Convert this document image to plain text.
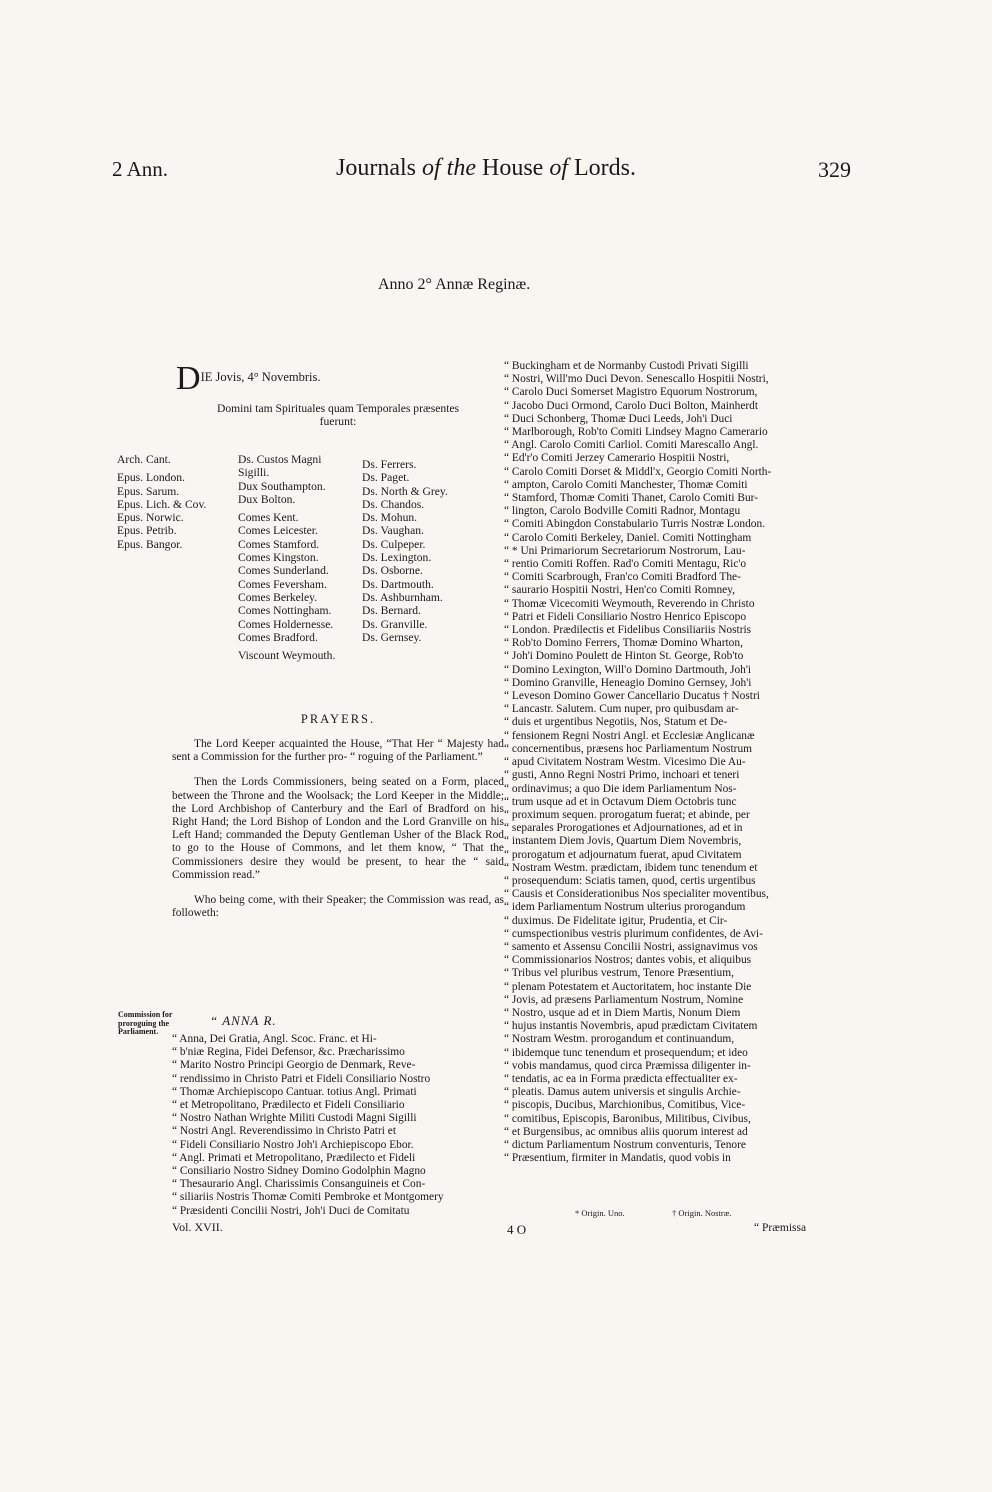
2 Ann.	Journals of the House of Lords.	329
Anno 2° Annæ Reginæ.
$D_{IE Jovis, 4^\circ Novembris.}$
Domini tam Spirituales quam Temporales præsentes
fuerunt:
Arch. Cant.

Epus. London.
Epus. Sarum.
Epus. Lich. & Cov.
Epus. Norwic.
Epus. Petrib.
Epus. Bangor.
Ds. Custos Magni
Sigilli.
Dux Southampton.
Dux Bolton.

Comes Kent.
Comes Leicester.
Comes Stamford.
Comes Kingston.
Comes Sunderland.
Comes Feversham.
Comes Berkeley.
Comes Nottingham.
Comes Holdernesse.
Comes Bradford.

Viscount Weymouth.

Ds. Ferrers.
Ds. Paget.
Ds. North & Grey.
Ds. Chandos.
Ds. Mohun.
Ds. Vaughan.
Ds. Culpeper.
Ds. Lexington.
Ds. Osborne.
Ds. Dartmouth.
Ds. Ashburnham.
Ds. Bernard.
Ds. Granville.
Ds. Gernsey.
PRAYERS.

The Lord Keeper acquainted the House, “That Her “ Majesty had sent a Commission for the further pro- “ roguing of the Parliament.”

Then the Lords Commissioners, being seated on a Form, placed between the Throne and the Woolsack; the Lord Keeper in the Middle; the Lord Archbishop of Canterbury and the Earl of Bradford on his Right Hand; the Lord Bishop of London and the Lord Granville on his Left Hand; commanded the Deputy Gentleman Usher of the Black Rod to go to the House of Commons, and let them know, “ That the Commissioners desire they would be present, to hear the “ said Commission read.”

Who being come, with their Speaker; the Commission was read, as followeth:

Commission for proroguing the Parliament.
“ ANNA R.
“ Anna, Dei Gratia, Angl. Scoc. Franc. et Hi-
“ b'niæ Regina, Fidei Defensor, &c. Præcharissimo
“ Marito Nostro Principi Georgio de Denmark, Reve-
“ rendissimo in Christo Patri et Fideli Consiliario Nostro
“ Thomæ Archiepiscopo Cantuar. totius Angl. Primati
“ et Metropolitano, Prædilecto et Fideli Consiliario
“ Nostro Nathan Wrighte Militi Custodi Magni Sigilli
“ Nostri Angl. Reverendissimo in Christo Patri et
“ Fideli Consiliario Nostro Joh'i Archiepiscopo Ebor.
“ Angl. Primati et Metropolitano, Prædilecto et Fideli
“ Consiliario Nostro Sidney Domino Godolphin Magno
“ Thesaurario Angl. Charissimis Consanguineis et Con-
“ siliariis Nostris Thomæ Comiti Pembroke et Montgomery
“ Præsidenti Concilii Nostri, Joh'i Duci de Comitatu
Vol. XVII.
“ Buckingham et de Normanby Custodi Privati Sigilli
“ Nostri, Will'mo Duci Devon. Senescallo Hospitii Nostri,
“ Carolo Duci Somerset Magistro Equorum Nostrorum,
“ Jacobo Duci Ormond, Carolo Duci Bolton, Mainherdt
“ Duci Schonberg, Thomæ Duci Leeds, Joh'i Duci
“ Marlborough, Rob'to Comiti Lindsey Magno Camerario
“ Angl. Carolo Comiti Carliol. Comiti Marescallo Angl.
“ Ed'r'o Comiti Jerzey Camerario Hospitii Nostri,
“ Carolo Comiti Dorset & Middl'x, Georgio Comiti North-
“ ampton, Carolo Comiti Manchester, Thomæ Comiti
“ Stamford, Thomæ Comiti Thanet, Carolo Comiti Bur-
“ lington, Carolo Bodville Comiti Radnor, Montagu
“ Comiti Abingdon Constabulario Turris Nostræ London.
“ Carolo Comiti Berkeley, Daniel. Comiti Nottingham
“ * Uni Primariorum Secretariorum Nostrorum, Lau-
“ rentio Comiti Roffen. Rad'o Comiti Mentagu, Ric'o
“ Comiti Scarbrough, Fran'co Comiti Bradford The-
“ saurario Hospitii Nostri, Hen'co Comiti Romney,
“ Thomæ Vicecomiti Weymouth, Reverendo in Christo
“ Patri et Fideli Consiliario Nostro Henrico Episcopo
“ London. Prædilectis et Fidelibus Consiliariis Nostris
“ Rob'to Domino Ferrers, Thomæ Domino Wharton,
“ Joh'i Domino Poulett de Hinton St. George, Rob'to
“ Domino Lexington, Will'o Domino Dartmouth, Joh'i
“ Domino Granville, Heneagio Domino Gernsey, Joh'i
“ Leveson Domino Gower Cancellario Ducatus † Nostri
“ Lancastr. Salutem. Cum nuper, pro quibusdam ar-
“ duis et urgentibus Negotiis, Nos, Statum et De-
“ fensionem Regni Nostri Angl. et Ecclesiæ Anglicanæ
“ concernentibus, præsens hoc Parliamentum Nostrum
“ apud Civitatem Nostram Westm. Vicesimo Die Au-
“ gusti, Anno Regni Nostri Primo, inchoari et teneri
“ ordinavimus; a quo Die idem Parliamentum Nos-
“ trum usque ad et in Octavum Diem Octobris tunc
“ proximum sequen. prorogatum fuerat; et abinde, per
“ separales Prorogationes et Adjournationes, ad et in
“ instantem Diem Jovis, Quartum Diem Novembris,
“ prorogatum et adjournatum fuerat, apud Civitatem
“ Nostram Westm. prædictam, ibidem tunc tenendum et
“ prosequendum: Sciatis tamen, quod, certis urgentibus
“ Causis et Considerationibus Nos specialiter moventibus,
“ idem Parliamentum Nostrum ulterius prorogandum
“ duximus. De Fidelitate igitur, Prudentia, et Cir-
“ cumspectionibus vestris plurimum confidentes, de Avi-
“ samento et Assensu Concilii Nostri, assignavimus vos
“ Commissionarios Nostros; dantes vobis, et aliquibus
“ Tribus vel pluribus vestrum, Tenore Præsentium,
“ plenam Potestatem et Auctoritatem, hoc instante Die
“ Jovis, ad præsens Parliamentum Nostrum, Nomine
“ Nostro, usque ad et in Diem Martis, Nonum Diem
“ hujus instantis Novembris, apud prædictam Civitatem
“ Nostram Westm. prorogandum et continuandum,
“ ibidemque tunc tenendum et prosequendum; et ideo
“ vobis mandamus, quod circa Præmissa diligenter in-
“ tendatis, ac ea in Forma prædicta effectualiter ex-
“ pleatis. Damus autem universis et singulis Archie-
“ piscopis, Ducibus, Marchionibus, Comitibus, Vice-
“ comitibus, Episcopis, Baronibus, Militibus, Civibus,
“ et Burgensibus, ac omnibus aliis quorum interest ad
“ dictum Parliamentum Nostrum conventuris, Tenore
“ Præsentium, firmiter in Mandatis, quod vobis in
* Origin. Uno.	† Origin. Nostræ.
4 O	“ Præmissa
